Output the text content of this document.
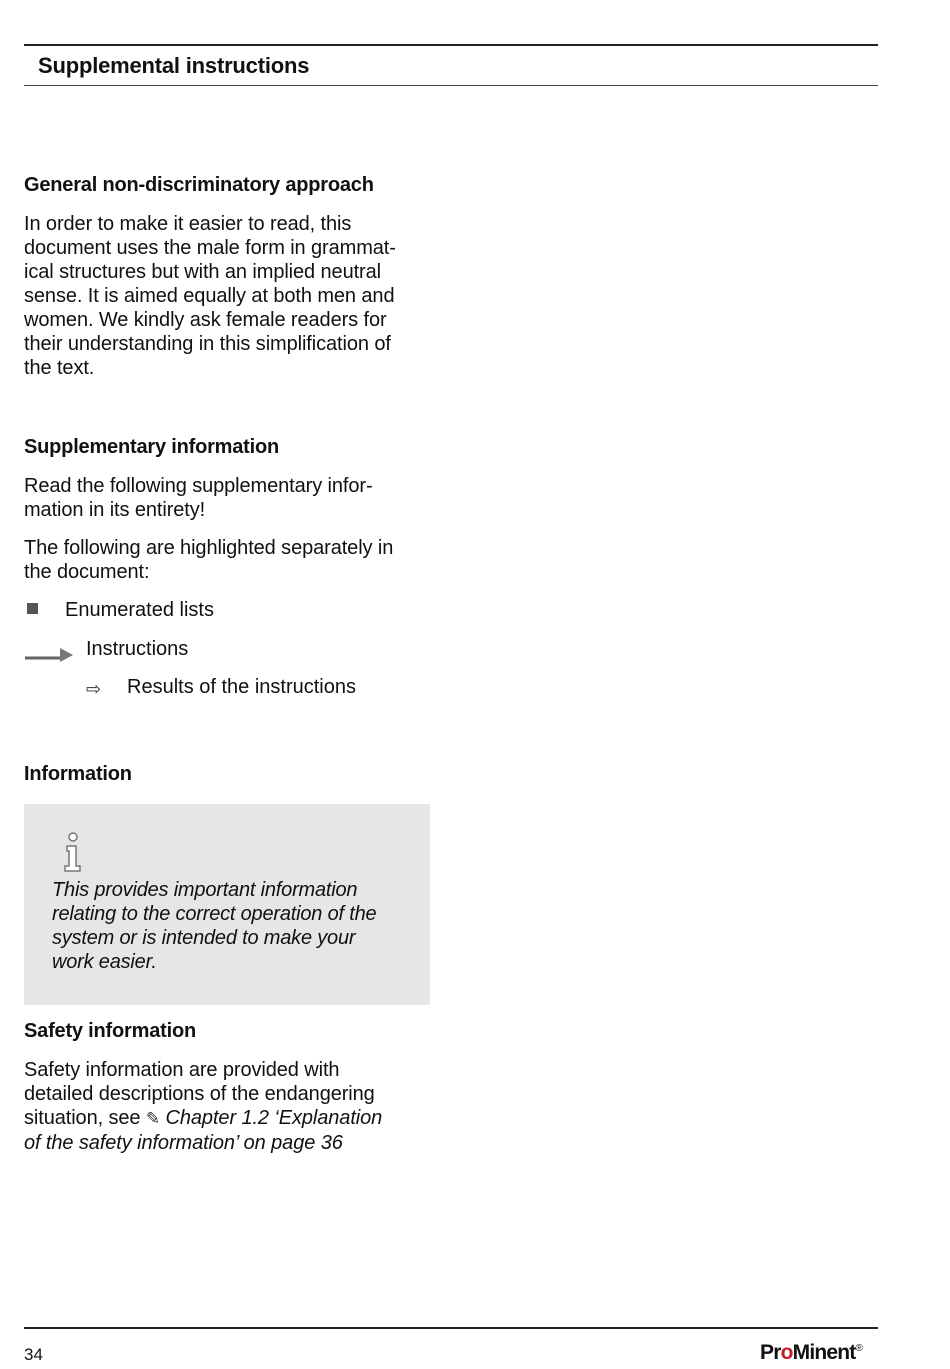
Supplemental instructions
General non-discriminatory approach
In order to make it easier to read, this
document uses the male form in grammat-
ical structures but with an implied neutral
sense. It is aimed equally at both men and
women. We kindly ask female readers for
their understanding in this simplification of
the text.
Supplementary information
Read the following supplementary infor-
mation in its entirety!
The following are highlighted separately in
the document:
Enumerated lists
Instructions
⇨ Results of the instructions
Information
This provides important information
relating to the correct operation of the
system or is intended to make your
work easier.
Safety information
Safety information are provided with
detailed descriptions of the endangering
situation, see ✎ Chapter 1.2 ‘Explanation
of the safety information’ on page 36
34	ProMinent®
